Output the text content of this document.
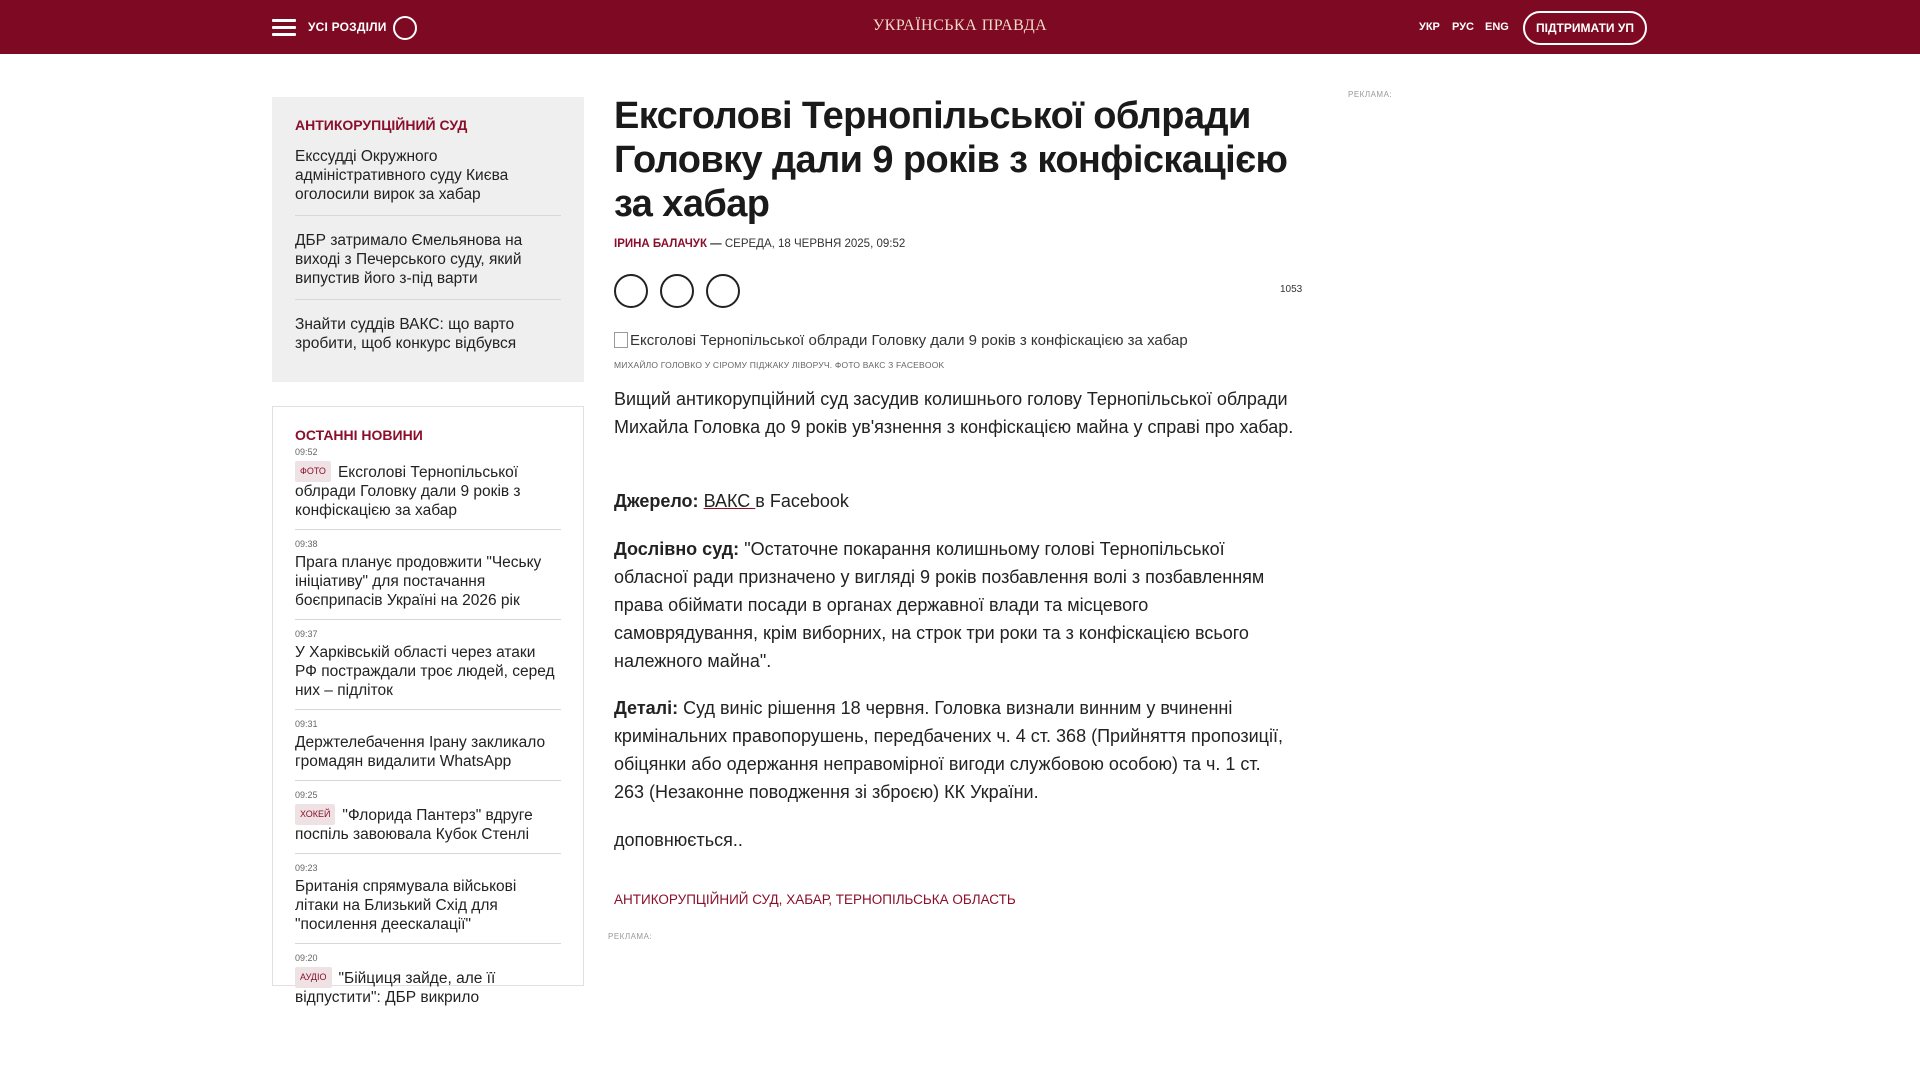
УСІ РОЗДІЛИ	УКРАЇНСЬКА ПРАВДА	УКР РУС ENG	ПІДТРИМАТИ УП
АНТИКОРУПЦІЙНИЙ СУД
Екссудді Окружного адміністративного суду Києва оголосили вирок за хабар
ДБР затримало Ємельянова на виході з Печерського суду, який випустив його з-під варти
Знайти суддів ВАКС: що варто зробити, щоб конкурс відбувся
ОСТАННІ НОВИНИ
09:52
ФОТО Ексголові Тернопільської облради Головку дали 9 років з конфіскацією за хабар
09:38
Прага планує продовжити "Чеську ініціативу" для постачання боєприпасів Україні на 2026 рік
09:37
У Харківській області через атаки РФ постраждали троє людей, серед них – підліток
09:31
Держтелебачення Ірану закликало громадян видалити WhatsApp
09:25
ХОКЕЙ "Флорида Пантерз" вдруге поспіль завоювала Кубок Стенлі
09:23
Британія спрямувала військові літаки на Близький Схід для "посилення деескалації"
09:20
АУДІО "Бійциця зайде, але її відпустити": ДБР викрило
Ексголові Тернопільської облради Головку дали 9 років з конфіскацією за хабар
ІРИНА БАЛАЧУК — СЕРЕДА, 18 ЧЕРВНЯ 2025, 09:52
1053
Ексголові Тернопільської облради Головку дали 9 років з конфіскацією за хабар
МИХАЙЛО ГОЛОВКО У СІРОМУ ПІДЖАКУ ЛІВОРУЧ. ФОТО ВАКС З FACEBOOK

Вищий антикорупційний суд засудив колишнього голову Тернопільської облради Михайла Головка до 9 років ув'язнення з конфіскацією майна у справі про хабар.

Джерело: ВАКС в Facebook

Дослівно суд: "Остаточне покарання колишньому голові Тернопільської обласної ради призначено у вигляді 9 років позбавлення волі з позбавленням права обіймати посади в органах державної влади та місцевого самоврядування, крім виборних, на строк три роки та з конфіскацією всього належного майна".

Деталі: Суд виніс рішення 18 червня. Головка визнали винним у вчиненні кримінальних правопорушень, передбачених ч. 4 ст. 368 (Прийняття пропозиції, обіцянки або одержання неправомірної вигоди службовою особою) та ч. 1 ст. 263 (Незаконне поводження зі зброєю) КК України.

доповнюється..

АНТИКОРУПЦІЙНИЙ СУД, ХАБАР, ТЕРНОПІЛЬСЬКА ОБЛАСТЬ
РЕКЛАМА:
РЕКЛАМА:
